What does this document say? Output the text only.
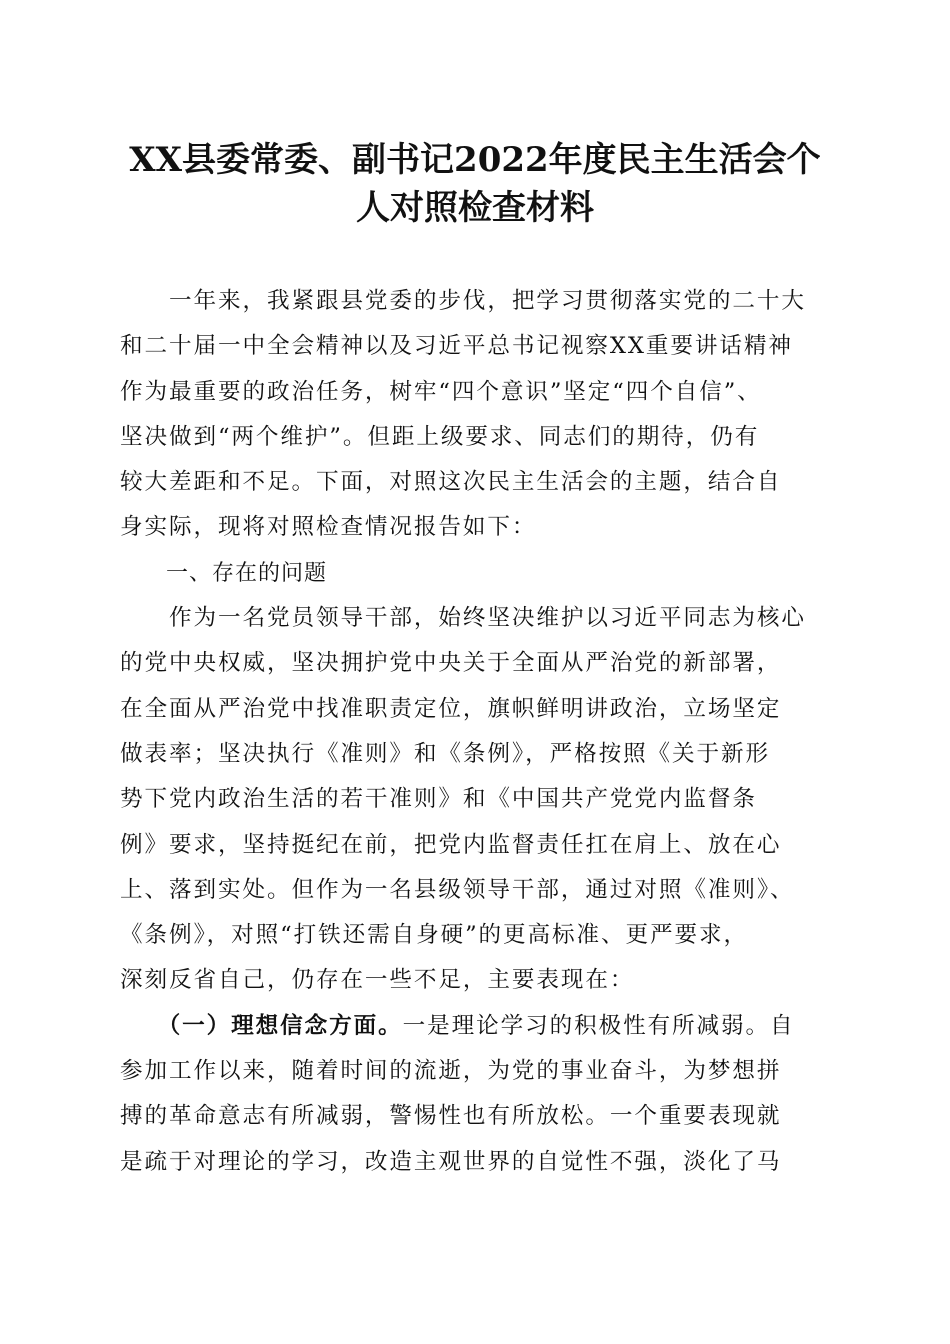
XX县委常委、副书记2022年度民主生活会个
人对照检查材料
　　一年来，我紧跟县党委的步伐，把学习贯彻落实党的二十大
和二十届一中全会精神以及习近平总书记视察XX重要讲话精神
作为最重要的政治任务，树牢“四个意识”坚定“四个自信”、
坚决做到“两个维护”。但距上级要求、同志们的期待，仍有
较大差距和不足。下面，对照这次民主生活会的主题，结合自
身实际，现将对照检查情况报告如下：
　　一、存在的问题
　　作为一名党员领导干部，始终坚决维护以习近平同志为核心
的党中央权威，坚决拥护党中央关于全面从严治党的新部署，
在全面从严治党中找准职责定位，旗帜鲜明讲政治，立场坚定
做表率；坚决执行《准则》和《条例》，严格按照《关于新形
势下党内政治生活的若干准则》和《中国共产党党内监督条
例》要求，坚持挺纪在前，把党内监督责任扛在肩上、放在心
上、落到实处。但作为一名县级领导干部，通过对照《准则》、
《条例》，对照“打铁还需自身硬”的更高标准、更严要求，
深刻反省自己，仍存在一些不足，主要表现在：
　　（一）理想信念方面。一是理论学习的积极性有所减弱。自
参加工作以来，随着时间的流逝，为党的事业奋斗，为梦想拼
搏的革命意志有所减弱，警惕性也有所放松。一个重要表现就
是疏于对理论的学习，改造主观世界的自觉性不强，淡化了马
